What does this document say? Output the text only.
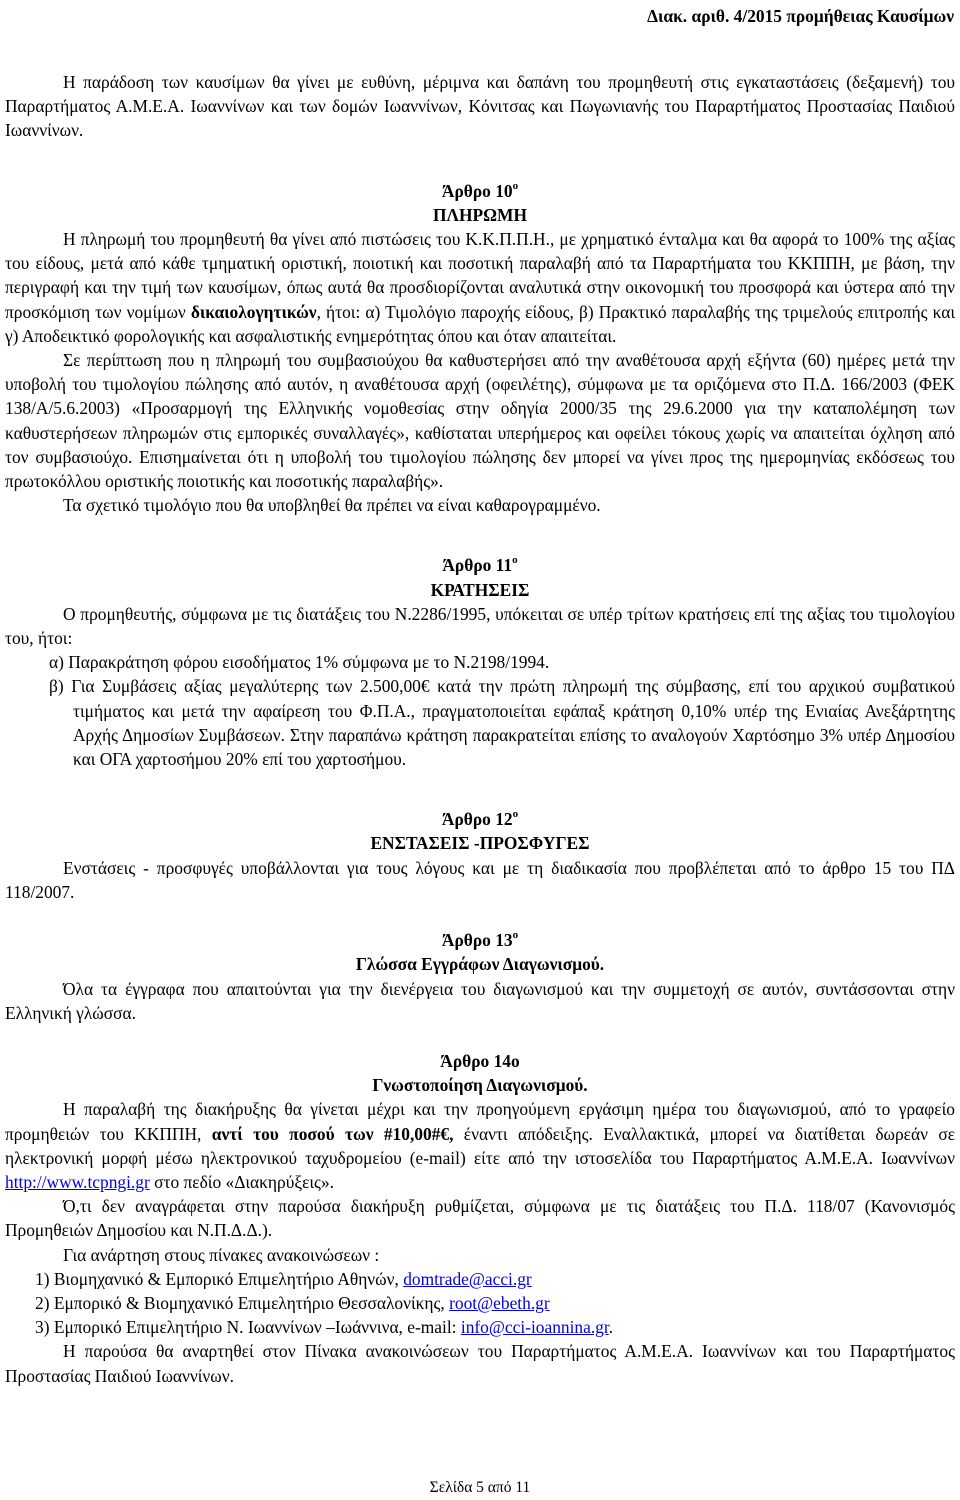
Διακ. αριθ. 4/2015 προμήθειας Καυσίμων

Η παράδοση των καυσίμων θα γίνει με ευθύνη, μέριμνα και δαπάνη του προμηθευτή στις εγκαταστάσεις (δεξαμενή) του Παραρτήματος Α.Μ.Ε.Α. Ιωαννίνων και των δομών Ιωαννίνων, Κόνιτσας και Πωγωνιανής του Παραρτήματος Προστασίας Παιδιού Ιωαννίνων.

Άρθρο $10^o$
ΠΛΗΡΩΜΗ

Η πληρωμή του προμηθευτή θα γίνει από πιστώσεις του Κ.Κ.Π.Π.Η., με χρηματικό ένταλμα και θα αφορά το 100% της αξίας του είδους, μετά από κάθε τμηματική οριστική, ποιοτική και ποσοτική παραλαβή από τα Παραρτήματα του ΚΚΠΠΗ, με βάση, την περιγραφή και την τιμή των καυσίμων, όπως αυτά θα προσδιορίζονται αναλυτικά στην οικονομική του προσφορά και ύστερα από την προσκόμιση των νομίμων δικαιολογητικών, ήτοι: α) Τιμολόγιο παροχής είδους, β) Πρακτικό παραλαβής της τριμελούς επιτροπής και γ) Αποδεικτικό φορολογικής και ασφαλιστικής ενημερότητας όπου και όταν απαιτείται.

Σε περίπτωση που η πληρωμή του συμβασιούχου θα καθυστερήσει από την αναθέτουσα αρχή εξήντα (60) ημέρες μετά την υποβολή του τιμολογίου πώλησης από αυτόν, η αναθέτουσα αρχή (οφειλέτης), σύμφωνα με τα οριζόμενα στο Π.Δ. 166/2003 (ΦΕΚ 138/Α/5.6.2003) «Προσαρμογή της Ελληνικής νομοθεσίας στην οδηγία 2000/35 της 29.6.2000 για την καταπολέμηση των καθυστερήσεων πληρωμών στις εμπορικές συναλλαγές», καθίσταται υπερήμερος και οφείλει τόκους χωρίς να απαιτείται όχληση από τον συμβασιούχο. Επισημαίνεται ότι η υποβολή του τιμολογίου πώλησης δεν μπορεί να γίνει προς της ημερομηνίας εκδόσεως του πρωτοκόλλου οριστικής ποιοτικής και ποσοτικής παραλαβής».

Τα σχετικό τιμολόγιο που θα υποβληθεί θα πρέπει να είναι καθαρογραμμένο.

Άρθρο $11^o$
ΚΡΑΤΗΣΕΙΣ

Ο προμηθευτής, σύμφωνα με τις διατάξεις του Ν.2286/1995, υπόκειται σε υπέρ τρίτων κρατήσεις επί της αξίας του τιμολογίου του, ήτοι:

α) Παρακράτηση φόρου εισοδήματος 1% σύμφωνα με το Ν.2198/1994.

β) Για Συμβάσεις αξίας μεγαλύτερης των 2.500,00€ κατά την πρώτη πληρωμή της σύμβασης, επί του αρχικού συμβατικού τιμήματος και μετά την αφαίρεση του Φ.Π.Α., πραγματοποιείται εφάπαξ κράτηση 0,10% υπέρ της Ενιαίας Ανεξάρτητης Αρχής Δημοσίων Συμβάσεων. Στην παραπάνω κράτηση παρακρατείται επίσης το αναλογούν Χαρτόσημο 3% υπέρ Δημοσίου και ΟΓΑ χαρτοσήμου 20% επί του χαρτοσήμου.

Άρθρο $12^o$
ΕΝΣΤΑΣΕΙΣ -ΠΡΟΣΦΥΓΕΣ

Ενστάσεις - προσφυγές υποβάλλονται για τους λόγους και με τη διαδικασία που προβλέπεται από το άρθρο 15 του ΠΔ 118/2007.

Άρθρο $13^o$
Γλώσσα Εγγράφων Διαγωνισμού.

Όλα τα έγγραφα που απαιτούνται για την διενέργεια του διαγωνισμού και την συμμετοχή σε αυτόν, συντάσσονται στην Ελληνική γλώσσα.

Άρθρο 14ο
Γνωστοποίηση Διαγωνισμού.

Η παραλαβή της διακήρυξης θα γίνεται μέχρι και την προηγούμενη εργάσιμη ημέρα του διαγωνισμού, από το γραφείο προμηθειών του ΚΚΠΠΗ, αντί του ποσού των #10,00#€, έναντι απόδειξης. Εναλλακτικά, μπορεί να διατίθεται δωρεάν σε ηλεκτρονική μορφή μέσω ηλεκτρονικού ταχυδρομείου (e-mail) είτε από την ιστοσελίδα του Παραρτήματος Α.Μ.Ε.Α. Ιωαννίνων http://www.tcpngi.gr στο πεδίο «Διακηρύξεις».

Ό,τι δεν αναγράφεται στην παρούσα διακήρυξη ρυθμίζεται, σύμφωνα με τις διατάξεις του Π.Δ. 118/07 (Κανονισμός Προμηθειών Δημοσίου και Ν.Π.Δ.Δ.).

Για ανάρτηση στους πίνακες ανακοινώσεων :

1) Βιομηχανικό & Εμπορικό Επιμελητήριο Αθηνών, domtrade@acci.gr
2) Εμπορικό & Βιομηχανικό Επιμελητήριο Θεσσαλονίκης, root@ebeth.gr
3) Εμπορικό Επιμελητήριο Ν. Ιωαννίνων –Ιωάννινα, e-mail: info@cci-ioannina.gr.

Η παρούσα θα αναρτηθεί στον Πίνακα ανακοινώσεων του Παραρτήματος Α.Μ.Ε.Α. Ιωαννίνων και του Παραρτήματος Προστασίας Παιδιού Ιωαννίνων.

Σελίδα 5 από 11
